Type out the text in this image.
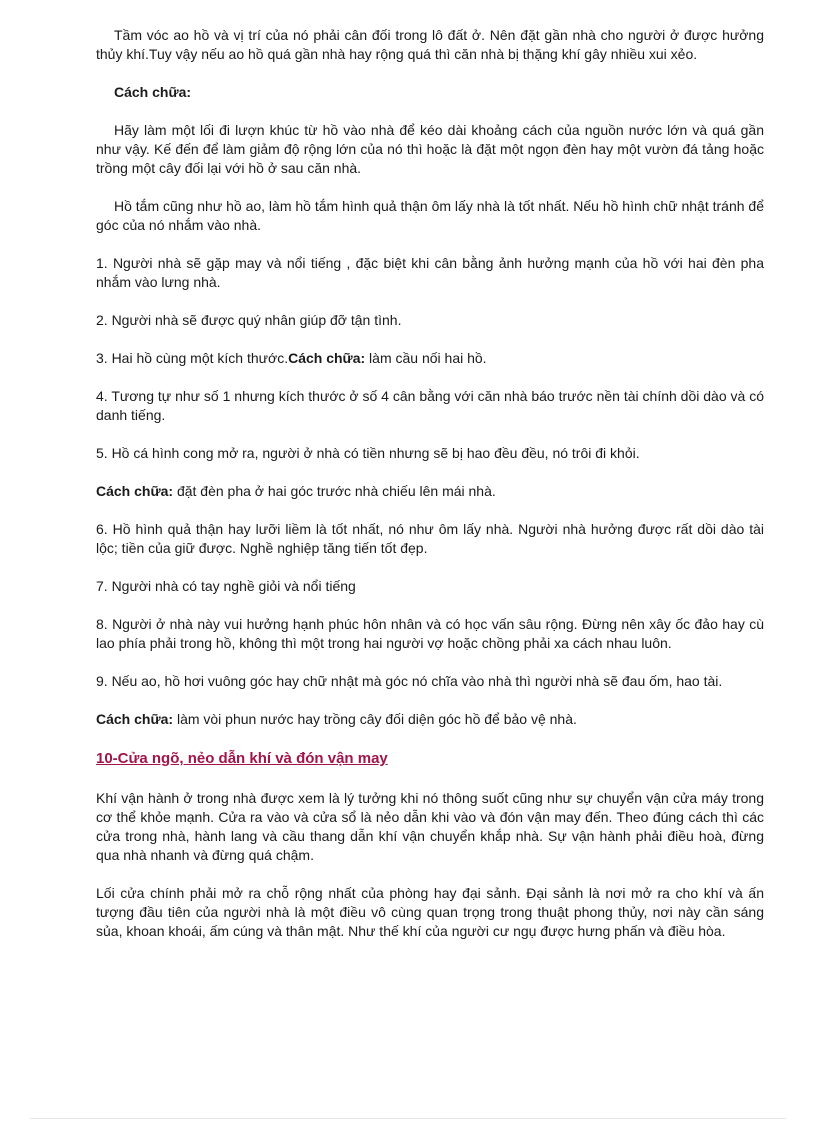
Tầm vóc ao hồ và vị trí của nó phải cân đối trong lô đất ở. Nên đặt gần nhà cho người ở được hưởng thủy khí.Tuy vậy nếu ao hồ quá gần nhà hay rộng quá thì căn nhà bị thặng khí gây nhiều xui xẻo.

Cách chữa:

Hãy làm một lối đi lượn khúc từ hồ vào nhà để kéo dài khoảng cách của nguồn nước lớn và quá gần như vậy. Kế đến để làm giảm độ rộng lớn của nó thì hoặc là đặt một ngọn đèn hay một vườn đá tảng hoặc trồng một cây đối lại với hồ ở sau căn nhà.

Hồ tắm cũng như hồ ao, làm hồ tắm hình quả thận ôm lấy nhà là tốt nhất. Nếu hồ hình chữ nhật tránh để góc của nó nhắm vào nhà.

1. Người nhà sẽ gặp may và nổi tiếng , đặc biệt khi cân bằng ảnh hưởng mạnh của hồ với hai đèn pha nhắm vào lưng nhà.

2. Người nhà sẽ được quý nhân giúp đỡ tận tình.

3. Hai hồ cùng một kích thước.Cách chữa: làm cầu nối hai hồ.

4. Tương tự như số 1 nhưng kích thước ở số 4 cân bằng với căn nhà báo trước nền tài chính dồi dào và có danh tiếng.

5. Hồ cá hình cong mở ra, người ở nhà có tiền nhưng sẽ bị hao đều đều, nó trôi đi khỏi.

Cách chữa: đặt đèn pha ở hai góc trước nhà chiếu lên mái nhà.

6. Hồ hình quả thận hay lưỡi liềm là tốt nhất, nó như ôm lấy nhà. Người nhà hưởng được rất dồi dào tài lộc; tiền của giữ được. Nghề nghiệp tăng tiến tốt đẹp.

7. Người nhà có tay nghề giỏi và nổi tiếng

8. Người ở nhà này vui hưởng hạnh phúc hôn nhân và có học vấn sâu rộng. Đừng nên xây ốc đảo hay cù lao phía phải trong hồ, không thì một trong hai người vợ hoặc chồng phải xa cách nhau luôn.

9. Nếu ao, hồ hơi vuông góc hay chữ nhật mà góc nó chĩa vào nhà thì người nhà sẽ đau ốm, hao tài.

Cách chữa: làm vòi phun nước hay trồng cây đối diện góc hồ để bảo vệ nhà.

10-Cửa ngõ, nẻo dẫn khí và đón vận may

Khí vận hành ở trong nhà được xem là lý tưởng khi nó thông suốt cũng như sự chuyển vận cửa máy trong cơ thể khỏe mạnh. Cửa ra vào và cửa sổ là nẻo dẫn khi vào và đón vận may đến. Theo đúng cách thì các cửa trong nhà, hành lang và cầu thang dẫn khí vận chuyển khắp nhà. Sự vận hành phải điều hoà, đừng qua nhà nhanh và đừng quá chậm.

Lối cửa chính phải mở ra chỗ rộng nhất của phòng hay đại sảnh. Đại sảnh là nơi mở ra cho khí và ấn tượng đầu tiên của người nhà là một điều vô cùng quan trọng trong thuật phong thủy, nơi này cần sáng sủa, khoan khoái, ấm cúng và thân mật. Như thế khí của người cư ngụ được hưng phấn và điều hòa.
